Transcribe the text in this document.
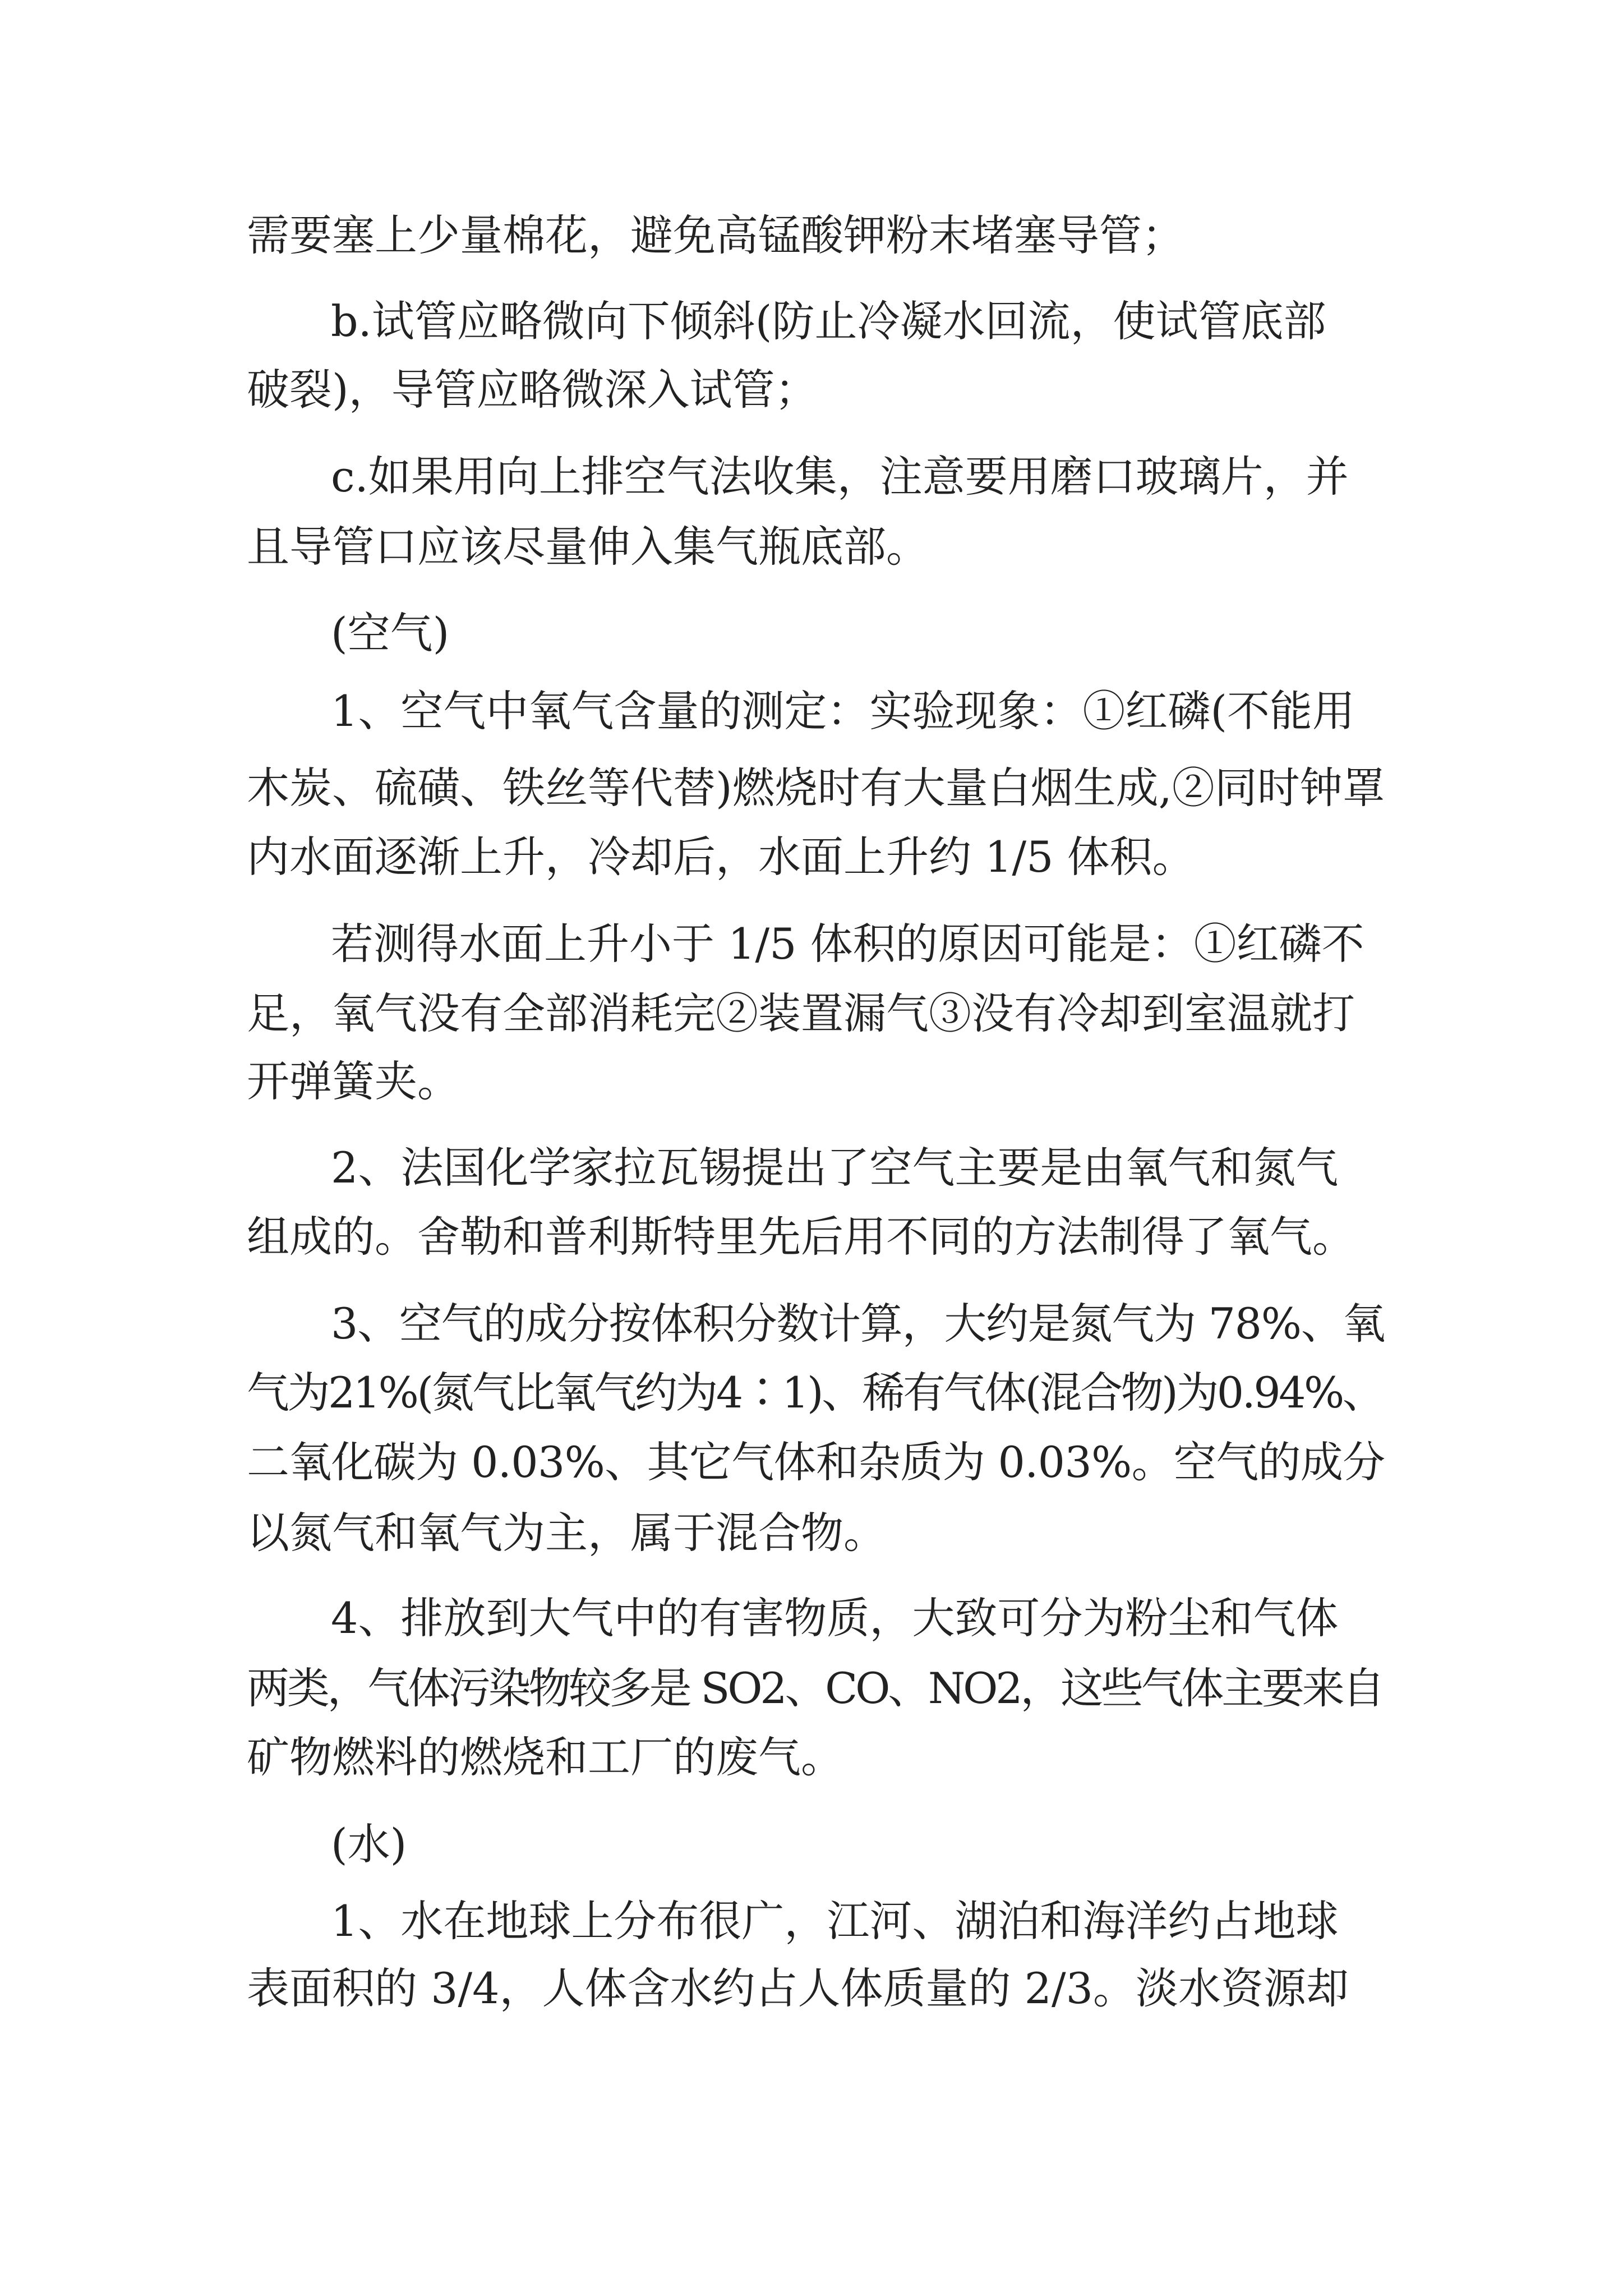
需要塞上少量棉花，避免高锰酸钾粉末堵塞导管；

b.试管应略微向下倾斜(防止冷凝水回流，使试管底部

破裂)，导管应略微深入试管；

c.如果用向上排空气法收集，注意要用磨口玻璃片，并

且导管口应该尽量伸入集气瓶底部。

(空气)

1、空气中氧气含量的测定：实验现象：①红磷(不能用

木炭、硫磺、铁丝等代替)燃烧时有大量白烟生成,②同时钟罩

内水面逐渐上升，冷却后，水面上升约 1/5 体积。

若测得水面上升小于 1/5 体积的原因可能是：①红磷不

足，氧气没有全部消耗完②装置漏气③没有冷却到室温就打

开弹簧夹。

2、法国化学家拉瓦锡提出了空气主要是由氧气和氮气

组成的。舍勒和普利斯特里先后用不同的方法制得了氧气。

3、空气的成分按体积分数计算，大约是氮气为 78%、氧

气为21%(氮气比氧气约为4∶1)、稀有气体(混合物)为0.94%、

二氧化碳为 0.03%、其它气体和杂质为 0.03%。空气的成分

以氮气和氧气为主，属于混合物。

4、排放到大气中的有害物质，大致可分为粉尘和气体

两类，气体污染物较多是 SO2、CO、NO2，这些气体主要来自

矿物燃料的燃烧和工厂的废气。

(水)

1、水在地球上分布很广，江河、湖泊和海洋约占地球

表面积的 3/4，人体含水约占人体质量的 2/3。淡水资源却
